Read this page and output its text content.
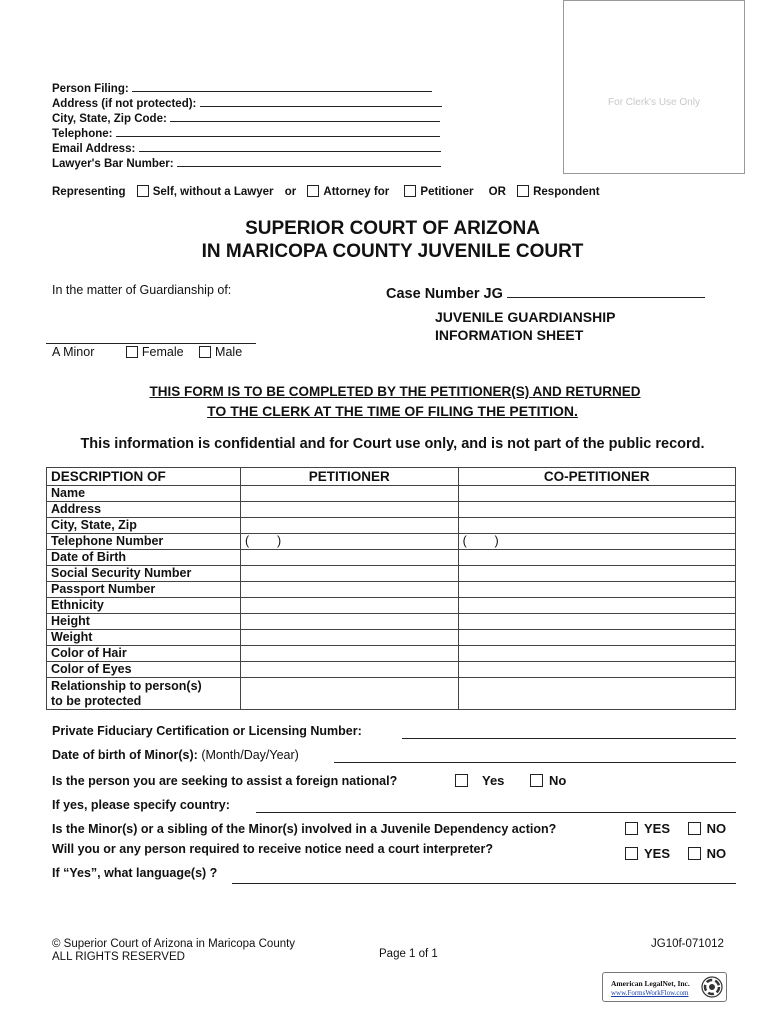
For Clerk's Use Only
Person Filing:
Address (if not protected):
City, State, Zip Code:
Telephone:
Email Address:
Lawyer's Bar Number:
Representing Self, without a Lawyer or Attorney for	Petitioner OR Respondent
SUPERIOR COURT OF ARIZONA
IN MARICOPA COUNTY JUVENILE COURT
In the matter of Guardianship of:
A Minor	Female	Male
Case Number JG
JUVENILE GUARDIANSHIP
INFORMATION SHEET
THIS FORM IS TO BE COMPLETED BY THE PETITIONER(S) AND RETURNED
TO THE CLERK AT THE TIME OF FILING THE PETITION.
This information is confidential and for Court use only, and is not part of the public record.
DESCRIPTION OF	PETITIONER	CO-PETITIONER
Name		
Address		
City, State, Zip		
Telephone Number	(        )	(        )
Date of Birth		
Social Security Number		
Passport Number		
Ethnicity		
Height		
Weight		
Color of Hair		
Color of Eyes		

Relationship to person(s)
to be protected		

Private Fiduciary Certification or Licensing Number:
Date of birth of Minor(s): (Month/Day/Year)
Is the person you are seeking to assist a foreign national?	Yes	No
If yes, please specify country:
Is the Minor(s) or a sibling of the Minor(s) involved in a Juvenile Dependency action?	YES	NO
Will you or any person required to receive notice need a court interpreter?	YES	NO
If “Yes”, what language(s) ?
© Superior Court of Arizona in Maricopa County
ALL RIGHTS RESERVED	Page 1 of 1
JG10f-071012
American LegalNet, Inc.
www.FormsWorkFlow.com
